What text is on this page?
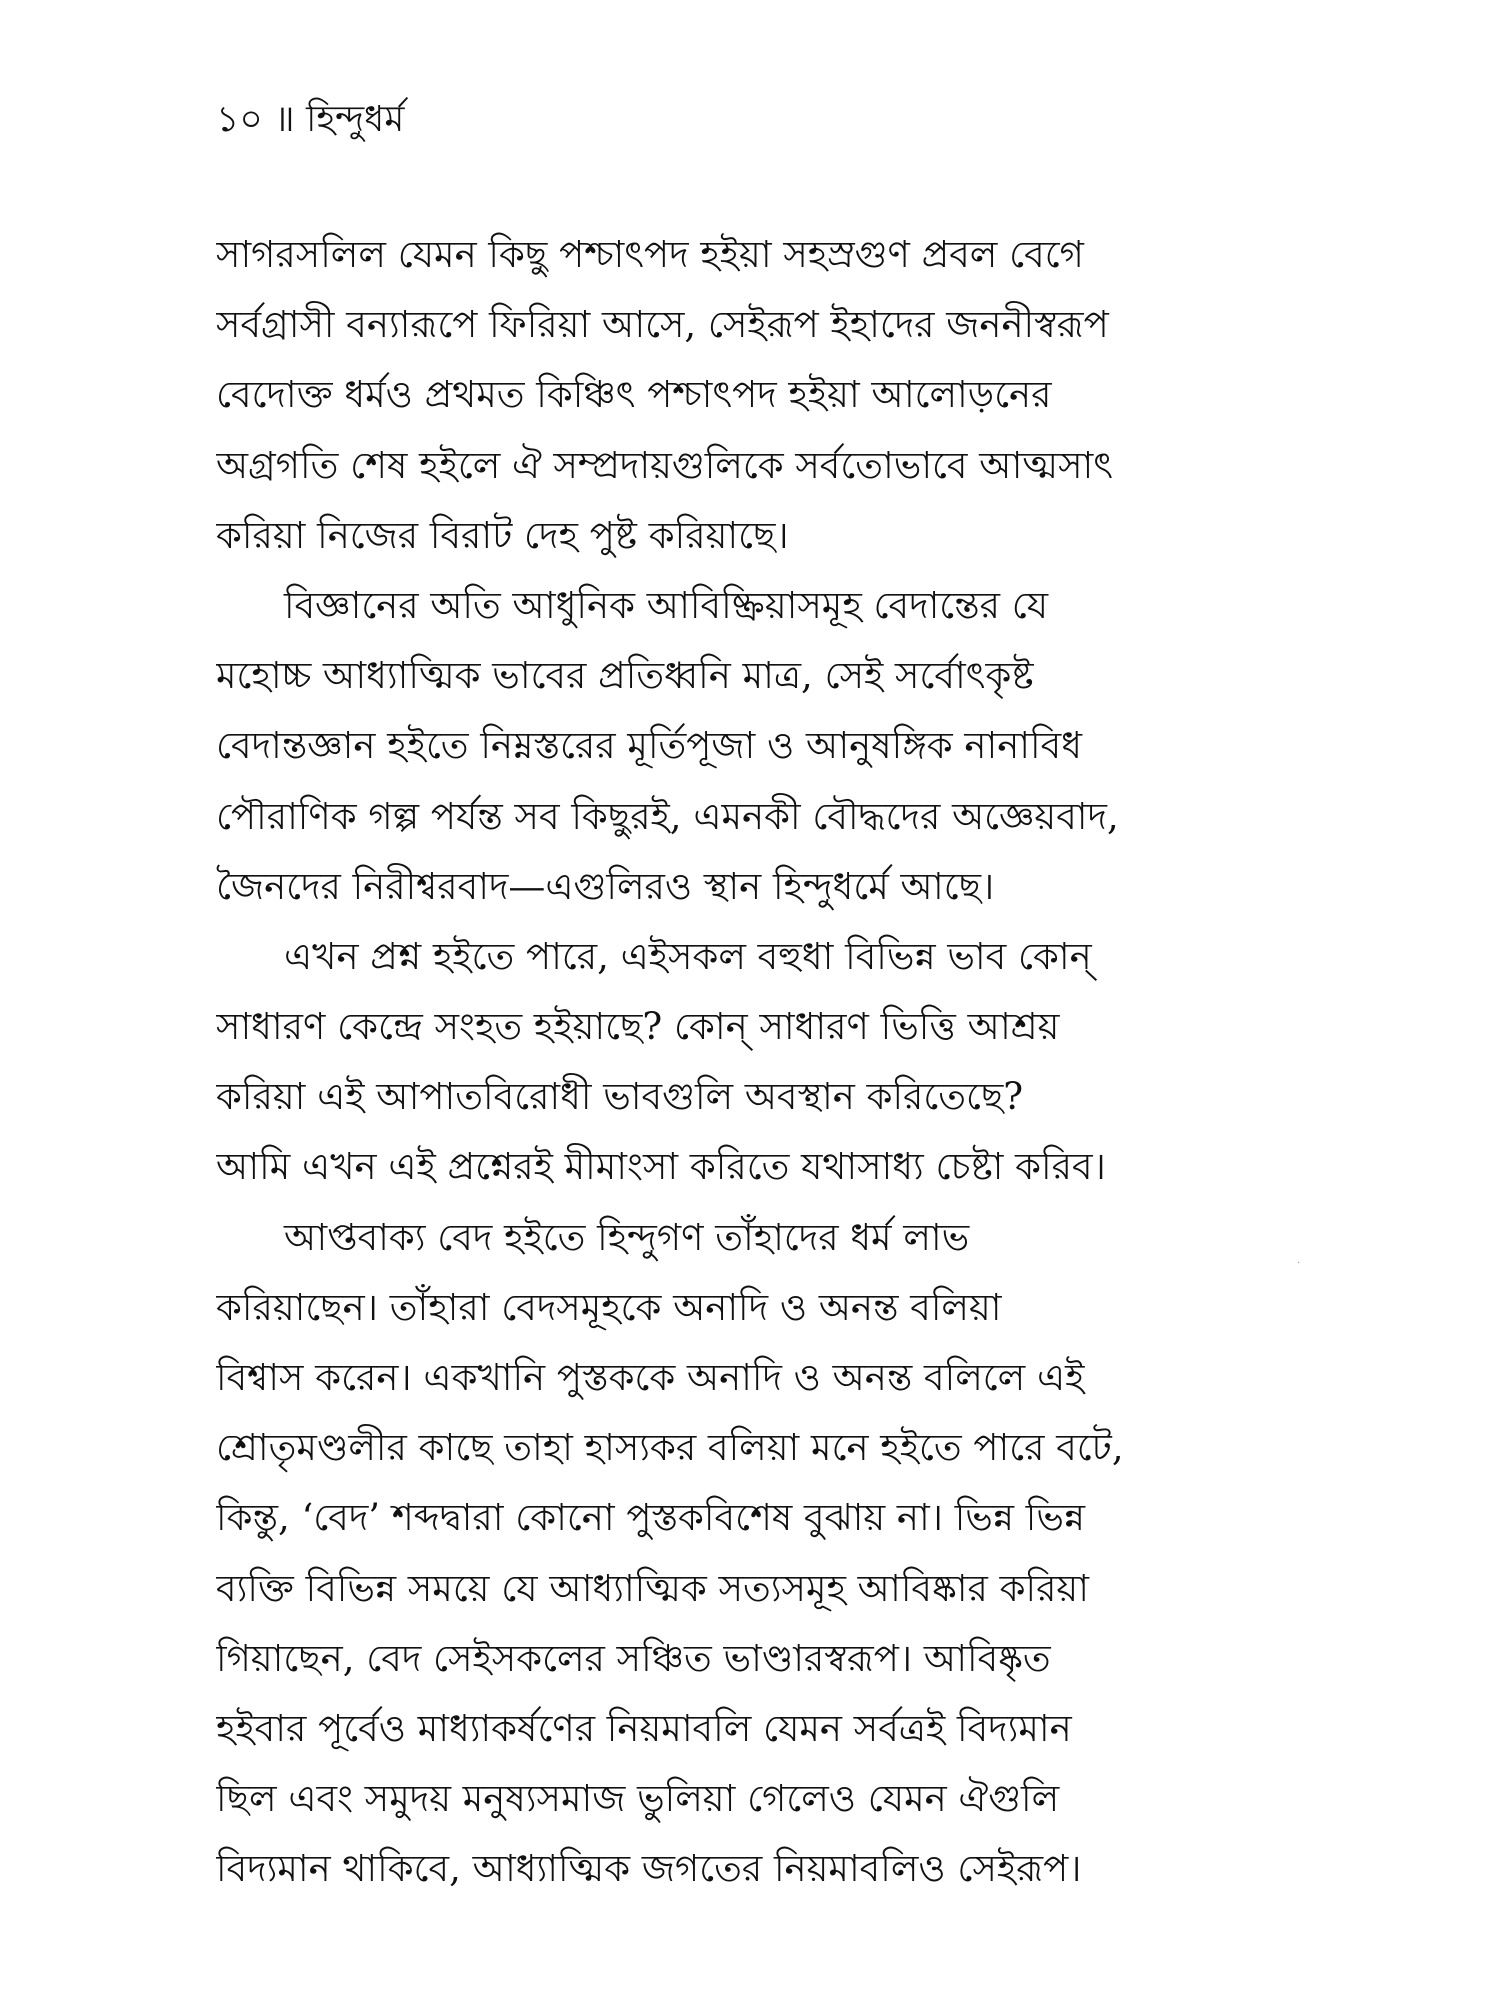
১০ ॥ হিন্দুধর্ম
সাগরসলিল যেমন কিছু পশ্চাৎপদ হইয়া সহস্রগুণ প্রবল বেগে
সর্বগ্রাসী বন্যারূপে ফিরিয়া আসে, সেইরূপ ইহাদের জননীস্বরূপ
বেদোক্ত ধর্মও প্রথমত কিঞ্চিৎ পশ্চাৎপদ হইয়া আলোড়নের
অগ্রগতি শেষ হইলে ঐ সম্প্রদায়গুলিকে সর্বতোভাবে আত্মসাৎ
করিয়া নিজের বিরাট দেহ পুষ্ট করিয়াছে।
বিজ্ঞানের অতি আধুনিক আবিষ্ক্রিয়াসমূহ বেদান্তের যে
মহোচ্চ আধ্যাত্মিক ভাবের প্রতিধ্বনি মাত্র, সেই সর্বোৎকৃষ্ট
বেদান্তজ্ঞান হইতে নিম্নস্তরের মূর্তিপূজা ও আনুষঙ্গিক নানাবিধ
পৌরাণিক গল্প পর্যন্ত সব কিছুরই, এমনকী বৌদ্ধদের অজ্ঞেয়বাদ,
জৈনদের নিরীশ্বরবাদ—এগুলিরও স্থান হিন্দুধর্মে আছে।
এখন প্রশ্ন হইতে পারে, এইসকল বহুধা বিভিন্ন ভাব কোন্
সাধারণ কেন্দ্রে সংহত হইয়াছে? কোন্ সাধারণ ভিত্তি আশ্রয়
করিয়া এই আপাতবিরোধী ভাবগুলি অবস্থান করিতেছে?
আমি এখন এই প্রশ্নেরই মীমাংসা করিতে যথাসাধ্য চেষ্টা করিব।
আপ্তবাক্য বেদ হইতে হিন্দুগণ তাঁহাদের ধর্ম লাভ
করিয়াছেন। তাঁহারা বেদসমূহকে অনাদি ও অনন্ত বলিয়া
বিশ্বাস করেন। একখানি পুস্তককে অনাদি ও অনন্ত বলিলে এই
শ্রোতৃমণ্ডলীর কাছে তাহা হাস্যকর বলিয়া মনে হইতে পারে বটে,
কিন্তু, ‘বেদ’ শব্দদ্বারা কোনো পুস্তকবিশেষ বুঝায় না। ভিন্ন ভিন্ন
ব্যক্তি বিভিন্ন সময়ে যে আধ্যাত্মিক সত্যসমূহ আবিষ্কার করিয়া
গিয়াছেন, বেদ সেইসকলের সঞ্চিত ভাণ্ডারস্বরূপ। আবিষ্কৃত
হইবার পূর্বেও মাধ্যাকর্ষণের নিয়মাবলি যেমন সর্বত্রই বিদ্যমান
ছিল এবং সমুদয় মনুষ্যসমাজ ভুলিয়া গেলেও যেমন ঐগুলি
বিদ্যমান থাকিবে, আধ্যাত্মিক জগতের নিয়মাবলিও সেইরূপ।
·
